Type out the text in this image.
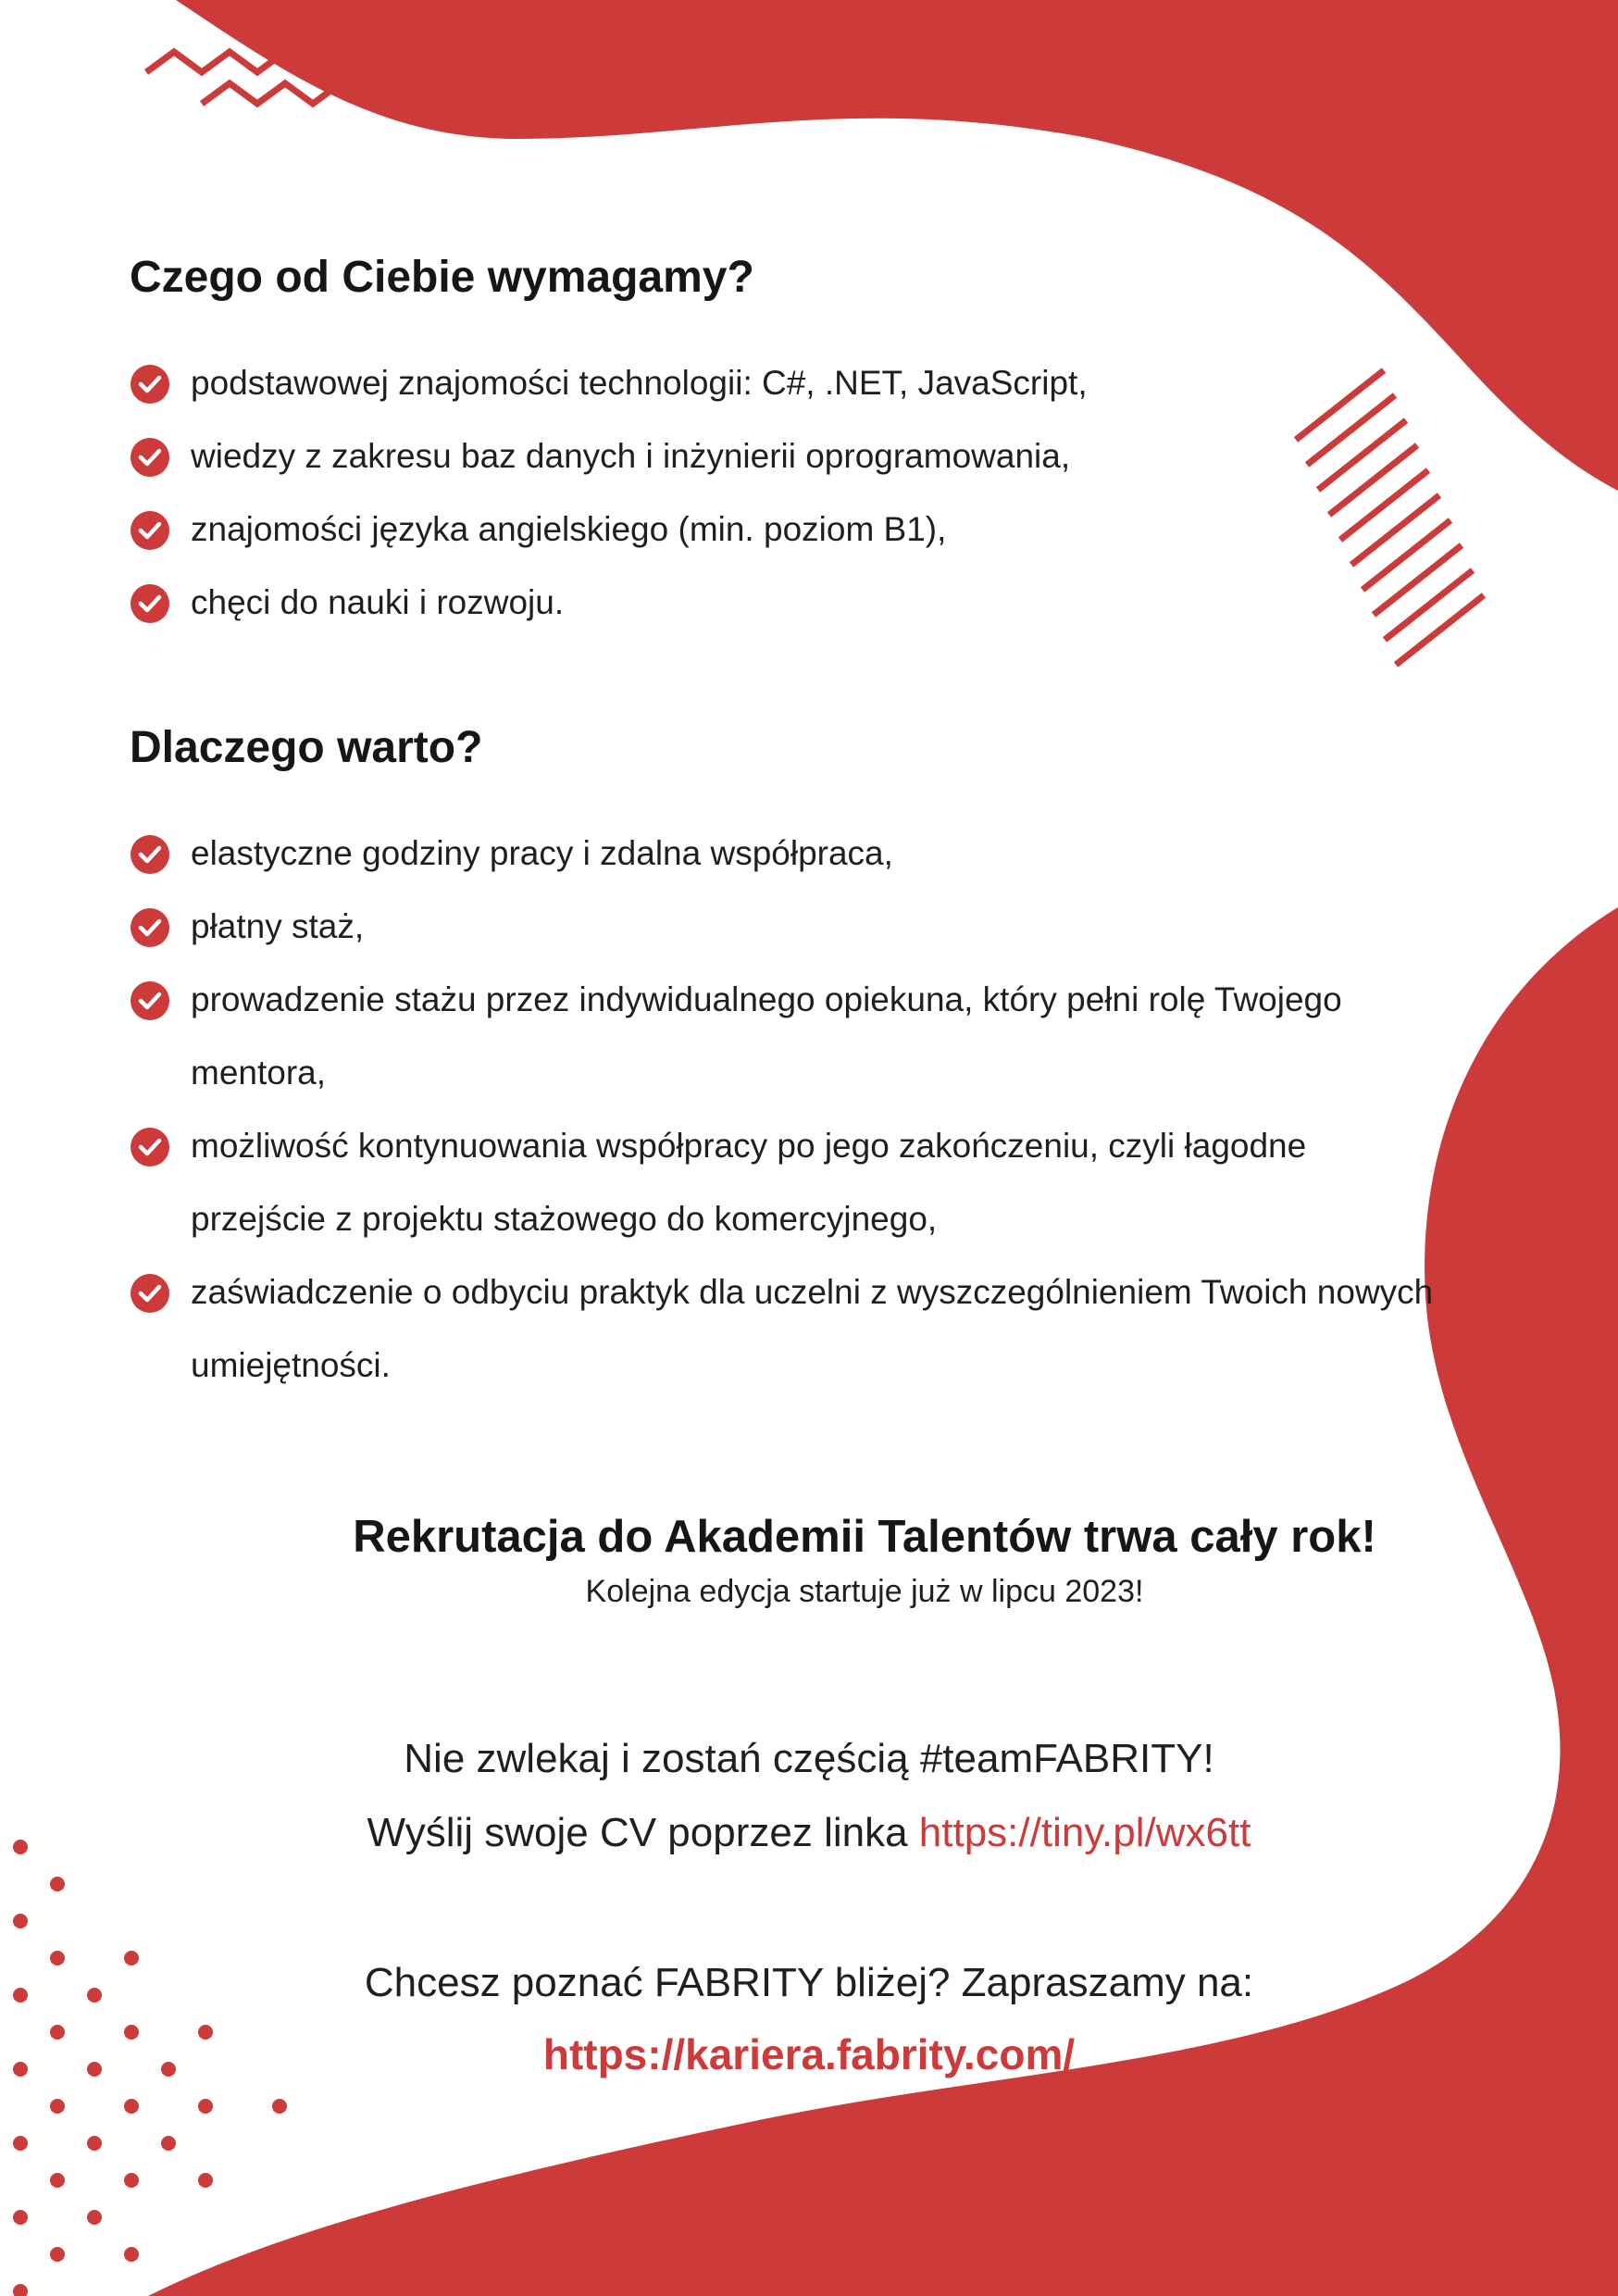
Czego od Ciebie wymagamy?
podstawowej znajomości technologii: C#, .NET, JavaScript,
wiedzy z zakresu baz danych i inżynierii oprogramowania,
znajomości języka angielskiego (min. poziom B1),
chęci do nauki i rozwoju.
Dlaczego warto?
elastyczne godziny pracy i zdalna współpraca,
płatny staż,
prowadzenie stażu przez indywidualnego opiekuna, który pełni rolę Twojego mentora,
możliwość kontynuowania współpracy po jego zakończeniu, czyli łagodne przejście z projektu stażowego do komercyjnego,
zaświadczenie o odbyciu praktyk dla uczelni z wyszczególnieniem Twoich nowych umiejętności.

Rekrutacja do Akademii Talentów trwa cały rok!

Kolejna edycja startuje już w lipcu 2023!

Nie zwlekaj i zostań częścią #teamFABRITY!

Wyślij swoje CV poprzez linka https://tiny.pl/wx6tt

Chcesz poznać FABRITY bliżej? Zapraszamy na:

https://kariera.fabrity.com/
